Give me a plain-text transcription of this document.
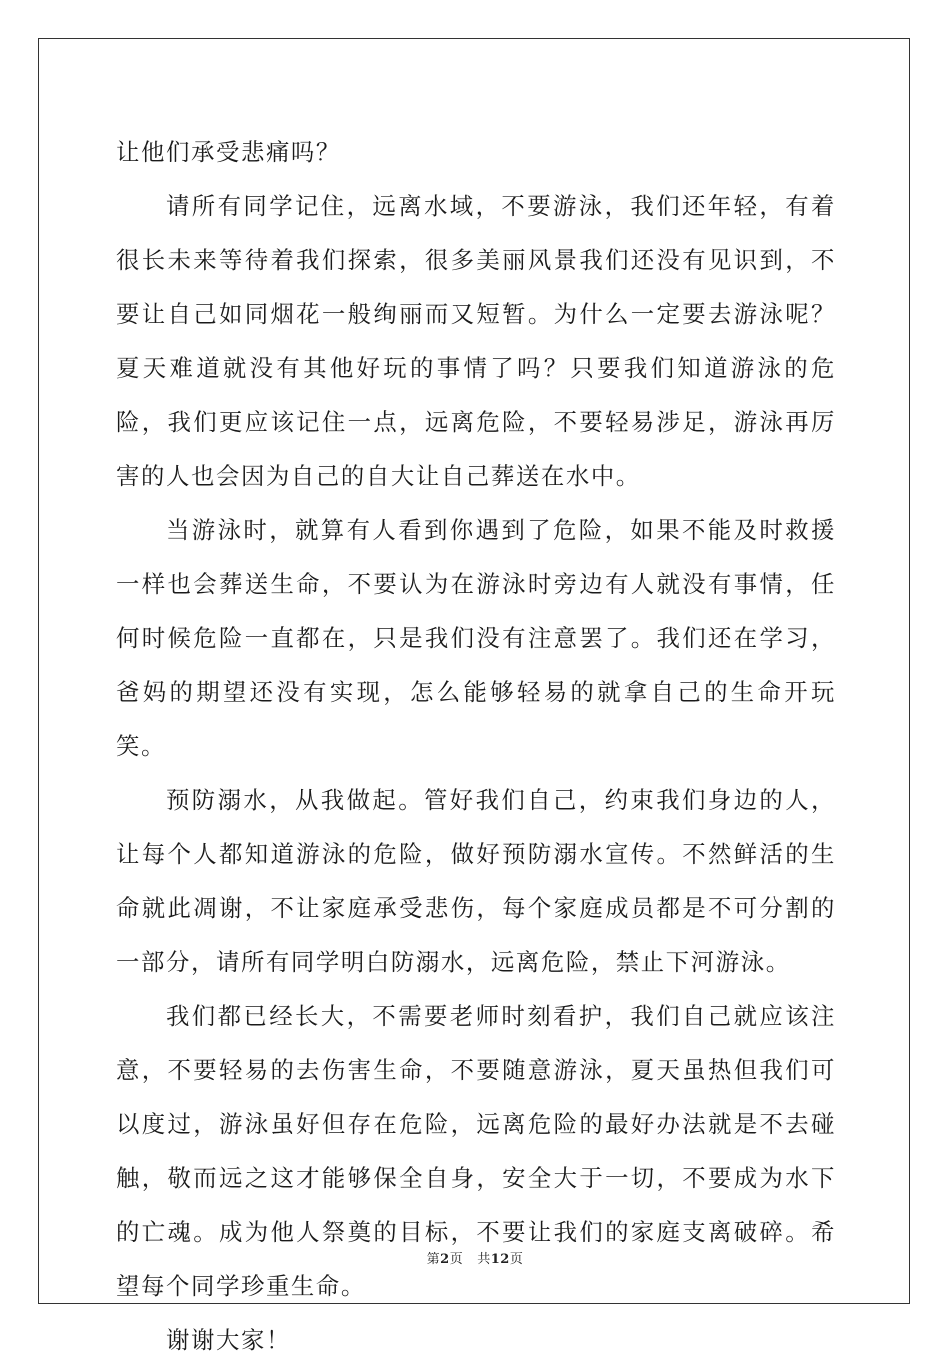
让他们承受悲痛吗？

请所有同学记住，远离水域，不要游泳，我们还年轻，有着很长未来等待着我们探索，很多美丽风景我们还没有见识到，不要让自己如同烟花一般绚丽而又短暂。为什么一定要去游泳呢？夏天难道就没有其他好玩的事情了吗？只要我们知道游泳的危险，我们更应该记住一点，远离危险，不要轻易涉足，游泳再厉害的人也会因为自己的自大让自己葬送在水中。

当游泳时，就算有人看到你遇到了危险，如果不能及时救援一样也会葬送生命，不要认为在游泳时旁边有人就没有事情，任何时候危险一直都在，只是我们没有注意罢了。我们还在学习，爸妈的期望还没有实现，怎么能够轻易的就拿自己的生命开玩笑。

预防溺水，从我做起。管好我们自己，约束我们身边的人，让每个人都知道游泳的危险，做好预防溺水宣传。不然鲜活的生命就此凋谢，不让家庭承受悲伤，每个家庭成员都是不可分割的一部分，请所有同学明白防溺水，远离危险，禁止下河游泳。

我们都已经长大，不需要老师时刻看护，我们自己就应该注意，不要轻易的去伤害生命，不要随意游泳，夏天虽热但我们可以度过，游泳虽好但存在危险，远离危险的最好办法就是不去碰触，敬而远之这才能够保全自身，安全大于一切，不要成为水下的亡魂。成为他人祭奠的目标，不要让我们的家庭支离破碎。希望每个同学珍重生命。

谢谢大家！

第2页 共12页
